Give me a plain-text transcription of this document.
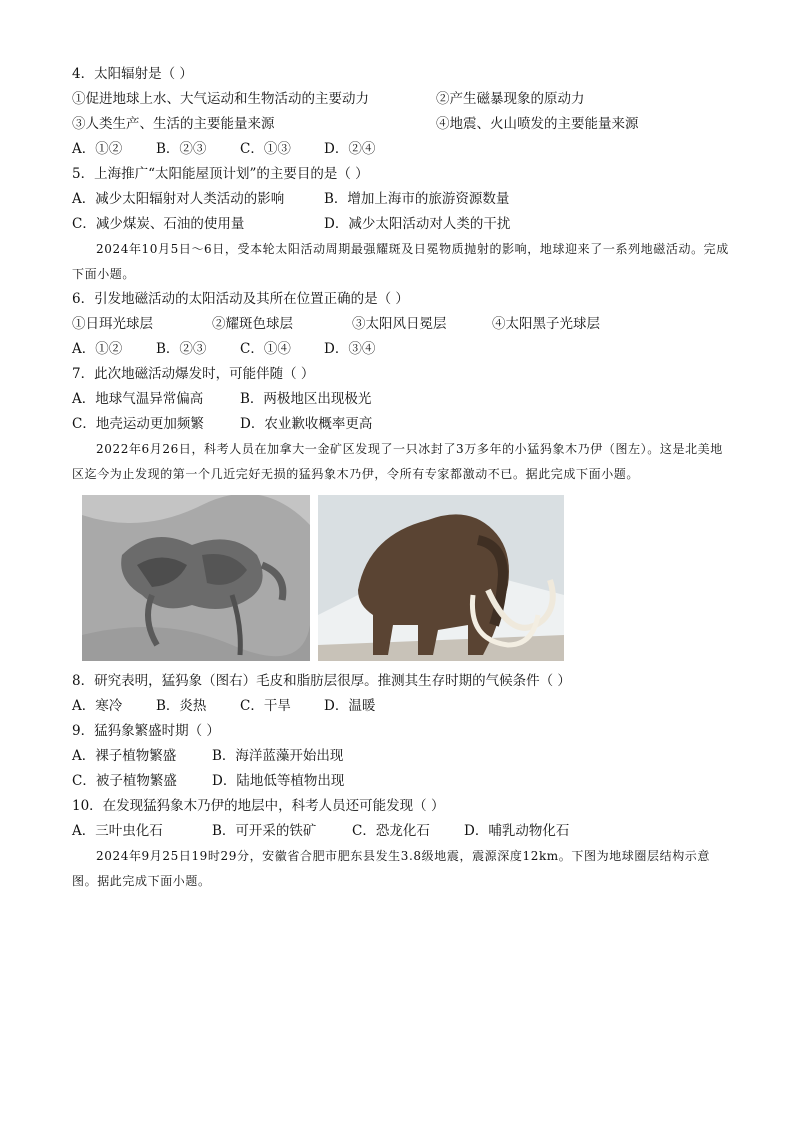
4．太阳辐射是（ ）
①促进地球上水、大气运动和生物活动的主要动力	②产生磁暴现象的原动力
③人类生产、生活的主要能量来源	④地震、火山喷发的主要能量来源
A．①②	B．②③ C．①③ D．②④
5．上海推广“太阳能屋顶计划”的主要目的是（ ）
A．减少太阳辐射对人类活动的影响	B．增加上海市的旅游资源数量
C．减少煤炭、石油的使用量	D．减少太阳活动对人类的干扰
2024年10月5日～6日，受本轮太阳活动周期最强耀斑及日冕物质抛射的影响，地球迎来了一系列地磁活动。完成下面小题。
6．引发地磁活动的太阳活动及其所在位置正确的是（ ）
①日珥光球层	②耀斑色球层	③太阳风日冕层	④太阳黑子光球层
A．①②	B．②③ C．①④ D．③④
7．此次地磁活动爆发时，可能伴随（ ）
A．地球气温异常偏高	B．两极地区出现极光
C．地壳运动更加频繁	D．农业歉收概率更高
2022年6月26日，科考人员在加拿大一金矿区发现了一只冰封了3万多年的小猛犸象木乃伊（图左）。这是北美地区迄今为止发现的第一个几近完好无损的猛犸象木乃伊，令所有专家都激动不已。据此完成下面小题。
8．研究表明，猛犸象（图右）毛皮和脂肪层很厚。推测其生存时期的气候条件（ ）
A．寒冷	B．炎热 C．干旱 D．温暖
9．猛犸象繁盛时期（ ）
A．裸子植物繁盛	B．海洋蓝藻开始出现
C．被子植物繁盛	D．陆地低等植物出现
10．在发现猛犸象木乃伊的地层中，科考人员还可能发现（ ）
A．三叶虫化石	B．可开采的铁矿	C．恐龙化石	D．哺乳动物化石
2024年9月25日19时29分，安徽省合肥市肥东县发生3.8级地震，震源深度12km。下图为地球圈层结构示意图。据此完成下面小题。
